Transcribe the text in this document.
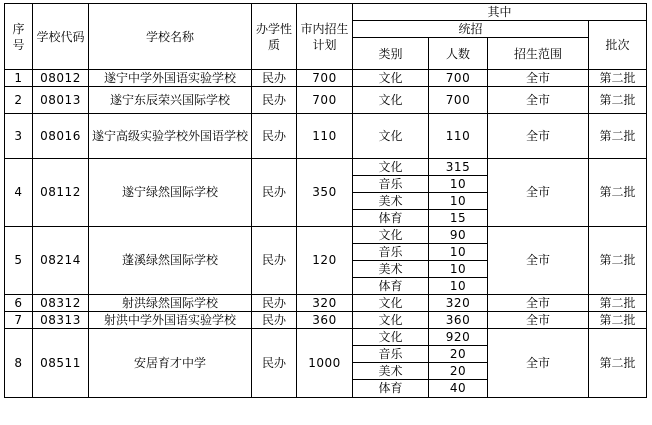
序号	学校代码	学校名称	办学性质	市内招生计划	其中			
					统招			批次
					类别	人数	招生范围	
1	08012	遂宁中学外国语实验学校	民办	700	文化	700	全市	第二批
2	08013	遂宁东辰荣兴国际学校	民办	700	文化	700	全市	第二批
3	08016	遂宁高级实验学校外国语学校	民办	110	文化	110	全市	第二批
4	08112	遂宁绿然国际学校	民办	350	文化	315	全市	第二批
					音乐	10		
					美术	10		
					体育	15		
5	08214	蓬溪绿然国际学校	民办	120	文化	90	全市	第二批
					音乐	10		
					美术	10		
					体育	10		
6	08312	射洪绿然国际学校	民办	320	文化	320	全市	第二批
7	08313	射洪中学外国语实验学校	民办	360	文化	360	全市	第二批
8	08511	安居育才中学	民办	1000	文化	920	全市	第二批
					音乐	20		
					美术	20		
					体育	40		
